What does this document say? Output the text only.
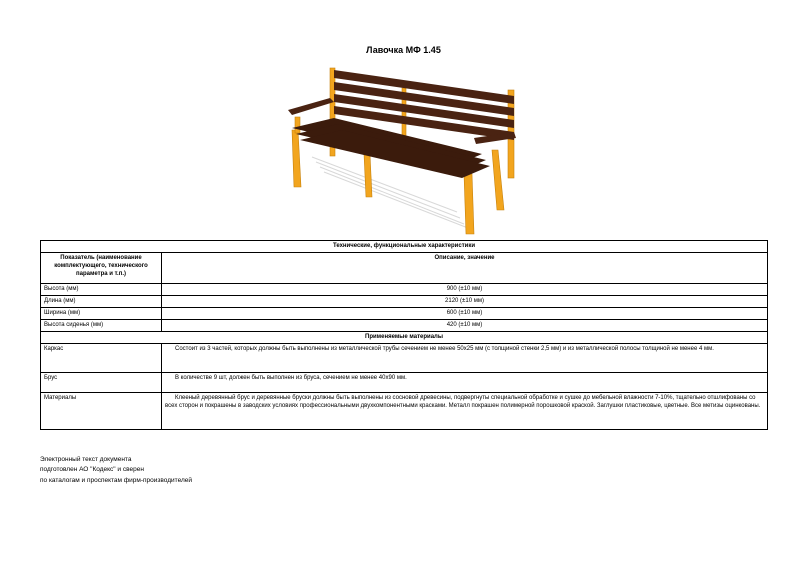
Лавочка МФ 1.45
Технические, функциональные характеристики	
Показатель (наименование комплектующего, технического параметра и т.п.)	Описание, значение
Высота (мм)	900 (±10 мм)
Длина (мм)	2120 (±10 мм)
Ширина (мм)	600 (±10 мм)
Высота сиденья (мм)	420 (±10 мм)
Применяемые материалы	
Каркас	Состоит из 3 частей, которых должны быть выполнены из металлической трубы сечением не менее 50х25 мм (с толщиной стенки 2,5 мм) и из металлической полосы толщиной не менее 4 мм.
Брус	В количестве 9 шт, должен быть выполнен из бруса, сечением не менее 40х90 мм.
Материалы	Клееный деревянный брус и деревянные бруски должны быть выполнены из сосновой древесины, подвергнуты специальной обработке и сушке до мебельной влажности 7-10%, тщательно отшлифованы со всех сторон и покрашены в заводских условиях профессиональными двухкомпонентными красками. Металл покрашен полимерной порошковой краской. Заглушки пластиковые, цветные. Все метизы оцинкованы.
Электронный текст документа
подготовлен АО "Кодекс" и сверен
по каталогам и проспектам фирм-производителей
